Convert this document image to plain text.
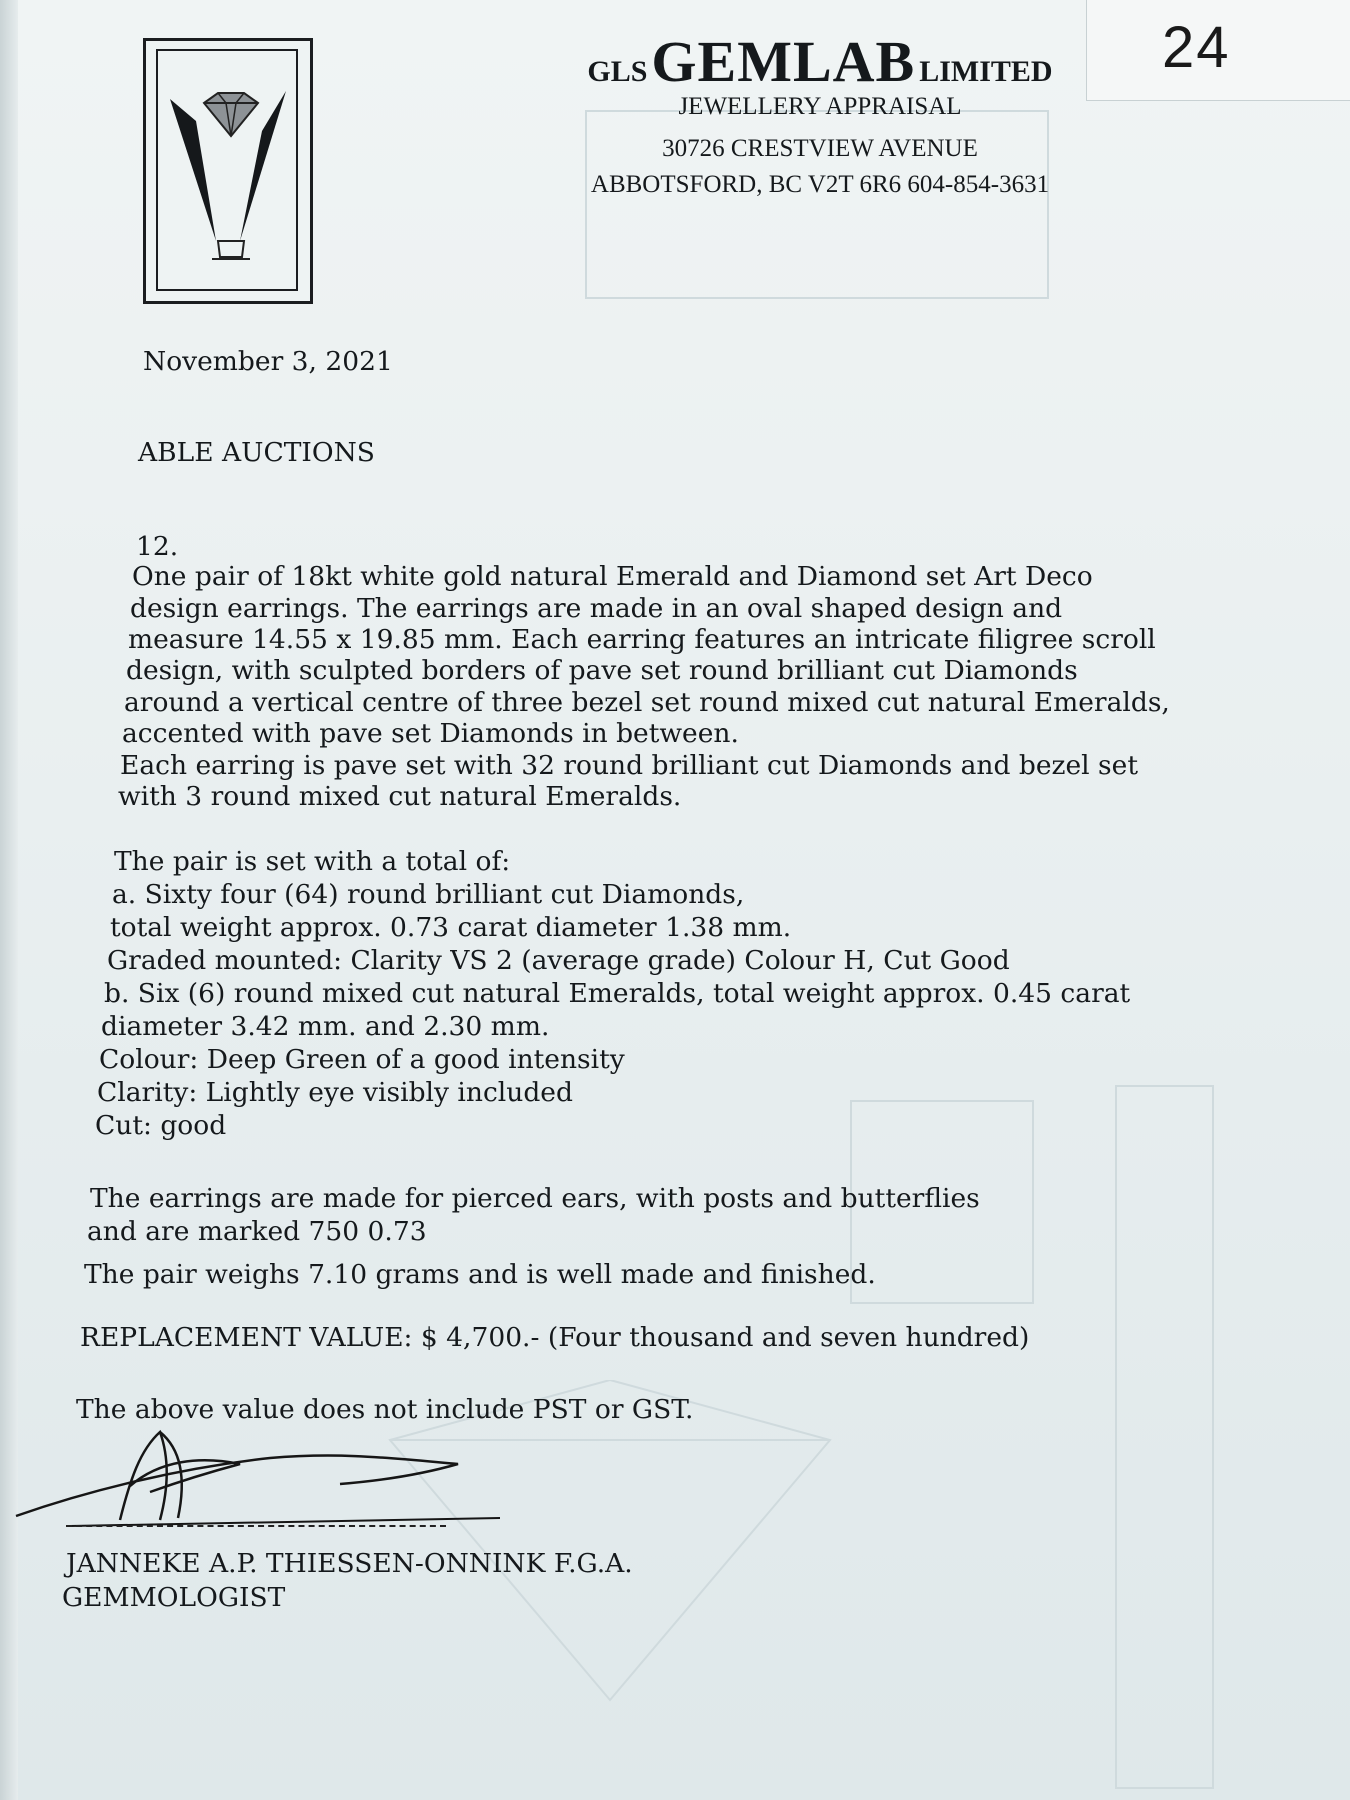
24
GLS GEMLAB LIMITED
JEWELLERY APPRAISAL
30726 CRESTVIEW AVENUE
ABBOTSFORD, BC V2T 6R6 604-854-3631
November 3, 2021
ABLE AUCTIONS
12.
One pair of 18kt white gold natural Emerald and Diamond set Art Deco
design earrings. The earrings are made in an oval shaped design and
measure 14.55 x 19.85 mm. Each earring features an intricate filigree scroll
design, with sculpted borders of pave set round brilliant cut Diamonds
around a vertical centre of three bezel set round mixed cut natural Emeralds,
accented with pave set Diamonds in between.
Each earring is pave set with 32 round brilliant cut Diamonds and bezel set
with 3 round mixed cut natural Emeralds.
The pair is set with a total of:
a. Sixty four (64) round brilliant cut Diamonds,
total weight approx. 0.73 carat diameter 1.38 mm.
Graded mounted: Clarity VS 2 (average grade) Colour H, Cut Good
b. Six (6) round mixed cut natural Emeralds, total weight approx. 0.45 carat
diameter 3.42 mm. and 2.30 mm.
Colour: Deep Green of a good intensity
Clarity: Lightly eye visibly included
Cut: good
The earrings are made for pierced ears, with posts and butterflies
and are marked 750 0.73
The pair weighs 7.10 grams and is well made and finished.
REPLACEMENT VALUE: $ 4,700.- (Four thousand and seven hundred)
The above value does not include PST or GST.
JANNEKE A.P. THIESSEN-ONNINK F.G.A.
GEMMOLOGIST
